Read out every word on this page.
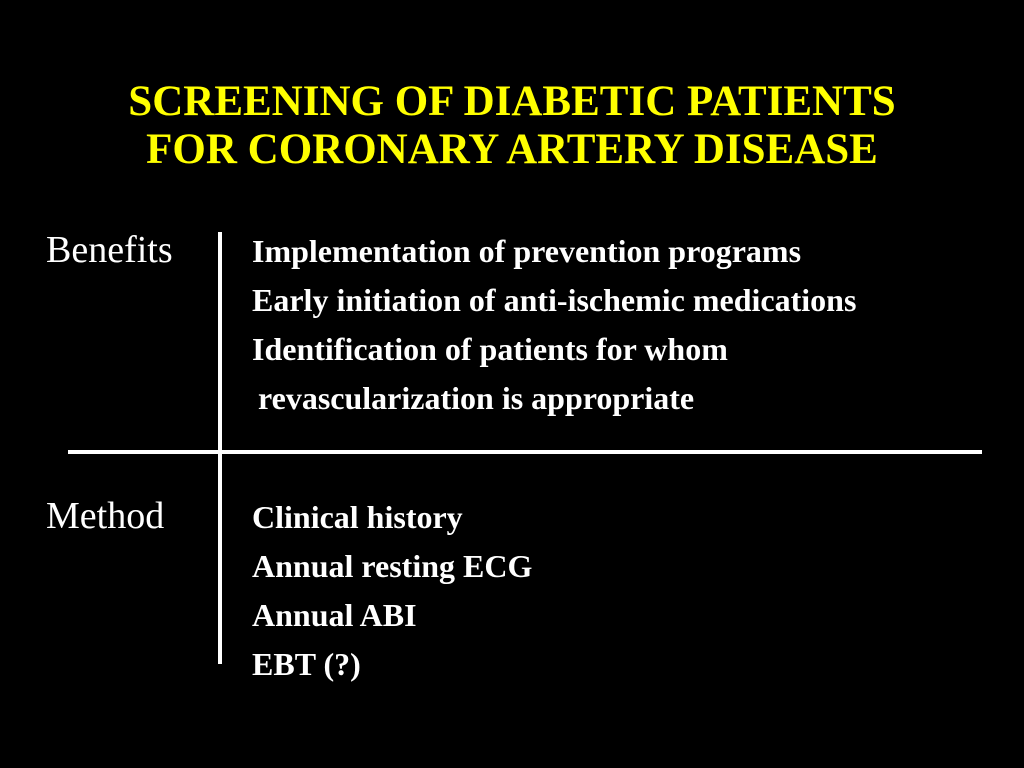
SCREENING OF DIABETIC PATIENTS
FOR CORONARY ARTERY DISEASE
Benefits Implementation of prevention programs
Early initiation of anti-ischemic medications
Identification of patients for whom
revascularization is appropriate
Method	Clinical history
Annual resting ECG
Annual ABI
EBT (?)
